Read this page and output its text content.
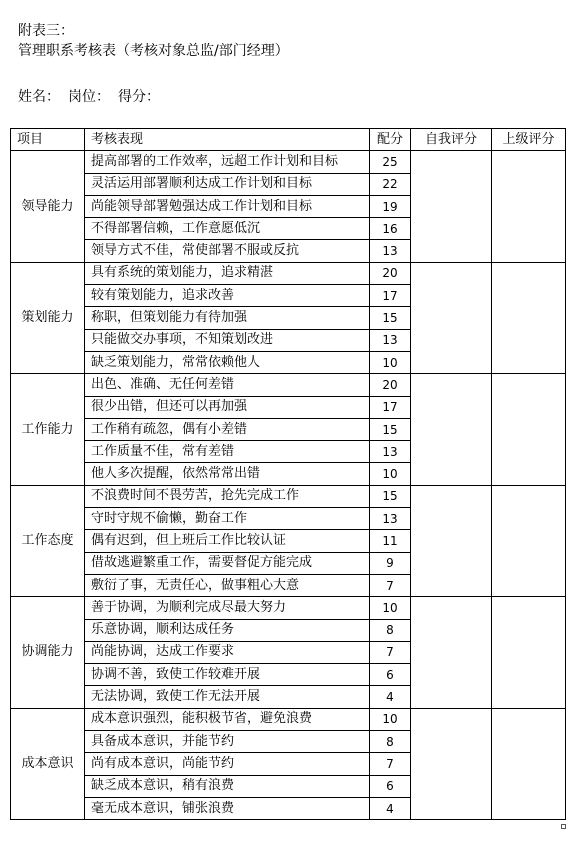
附表三：
管理职系考核表（考核对象总监/部门经理）
姓名： 岗位： 得分：
项目	考核表现	配分	自我评分	上级评分
领导能力	提高部署的工作效率，远超工作计划和目标	25		
	灵活运用部署顺利达成工作计划和目标	22		
	尚能领导部署勉强达成工作计划和目标	19		
	不得部署信赖，工作意愿低沉	16		
	领导方式不佳，常使部署不服或反抗	13		
策划能力	具有系统的策划能力，追求精湛	20		
	较有策划能力，追求改善	17		
	称职，但策划能力有待加强	15		
	只能做交办事项，不知策划改进	13		
	缺乏策划能力，常常依赖他人	10		
工作能力	出色、准确、无任何差错	20		
	很少出错，但还可以再加强	17		
	工作稍有疏忽，偶有小差错	15		
	工作质量不佳，常有差错	13		
	他人多次提醒，依然常常出错	10		
工作态度	不浪费时间不畏劳苦，抢先完成工作	15		
	守时守规不偷懒，勤奋工作	13		
	偶有迟到，但上班后工作比较认证	11		
	借故逃避繁重工作，需要督促方能完成	9		
	敷衍了事，无责任心，做事粗心大意	7		
协调能力	善于协调，为顺利完成尽最大努力	10		
	乐意协调，顺利达成任务	8		
	尚能协调，达成工作要求	7		
	协调不善，致使工作较难开展	6		
	无法协调，致使工作无法开展	4		
成本意识	成本意识强烈，能积极节省，避免浪费	10		
	具备成本意识，并能节约	8		
	尚有成本意识，尚能节约	7		
	缺乏成本意识，稍有浪费	6		
	毫无成本意识，铺张浪费	4		
